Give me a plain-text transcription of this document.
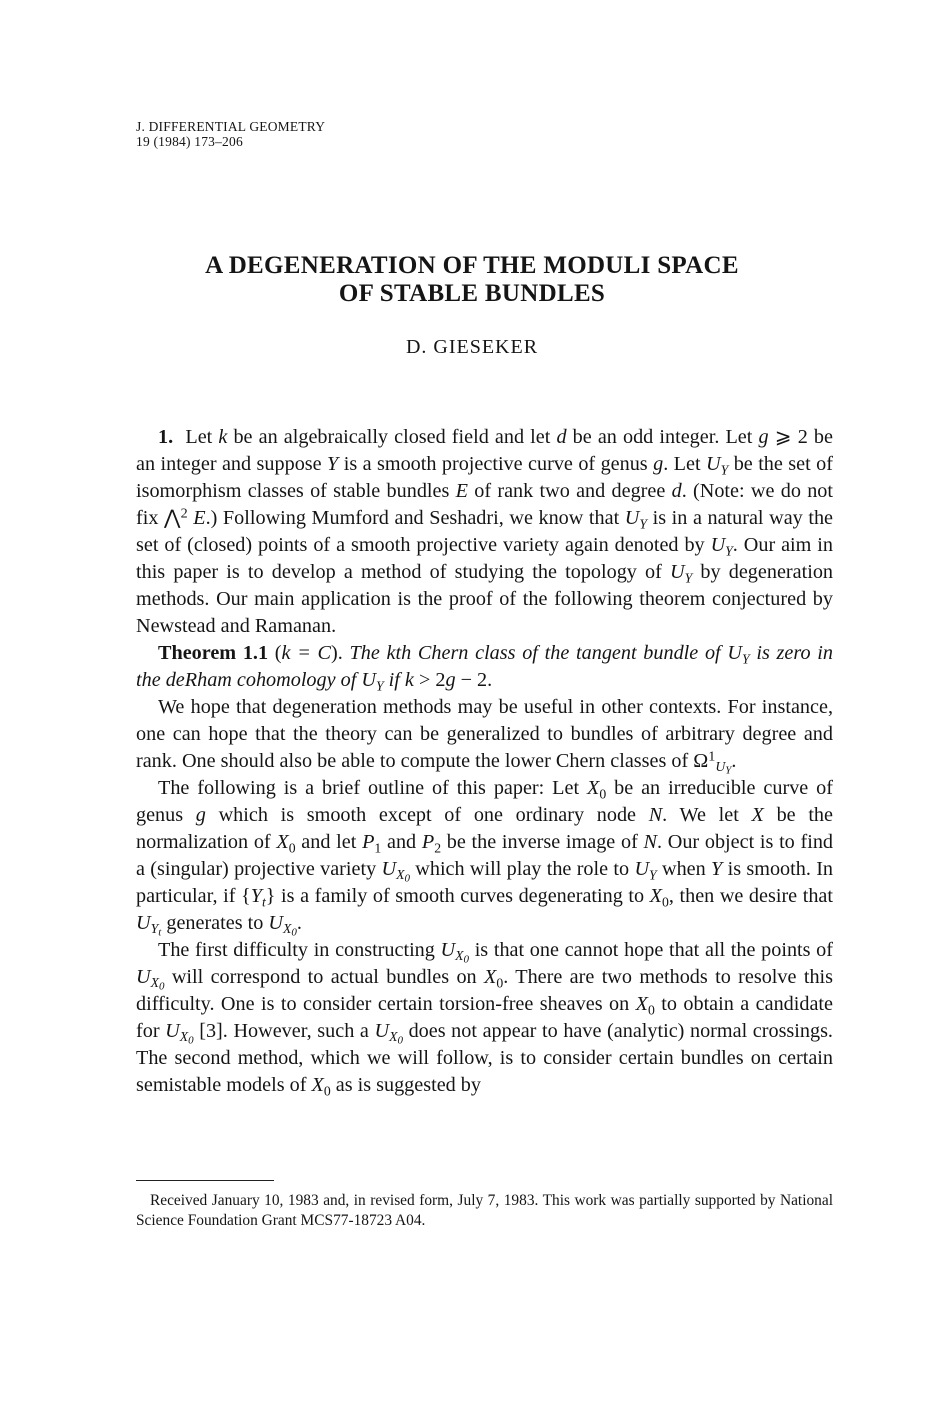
J. DIFFERENTIAL GEOMETRY
19 (1984) 173–206
A DEGENERATION OF THE MODULI SPACE
OF STABLE BUNDLES
D. GIESEKER

1.  Let k be an algebraically closed field and let d be an odd integer. Let g ⩾ 2 be an integer and suppose Y is a smooth projective curve of genus g. Let $U_Y$ be the set of isomorphism classes of stable bundles E of rank two and degree d. (Note: we do not fix ⋀$^2$ E.) Following Mumford and Seshadri, we know that $U_Y$ is in a natural way the set of (closed) points of a smooth projective variety again denoted by $U_Y$. Our aim in this paper is to develop a method of studying the topology of $U_Y$ by degeneration methods. Our main application is the proof of the following theorem conjectured by Newstead and Ramanan.

Theorem 1.1 (k = C). The kth Chern class of the tangent bundle of $U_Y$ is zero in the deRham cohomology of $U_Y$ if k > 2g − 2.

We hope that degeneration methods may be useful in other contexts. For instance, one can hope that the theory can be generalized to bundles of arbitrary degree and rank. One should also be able to compute the lower Chern classes of $\Omega^1_{UY}$.

The following is a brief outline of this paper: Let $X_0$ be an irreducible curve of genus g which is smooth except of one ordinary node N. We let X be the normalization of $X_0$ and let $P_1$ and $P_2$ be the inverse image of N. Our object is to find a (singular) projective variety $U_{X0}$ which will play the role to $U_Y$ when Y is smooth. In particular, if $\{Y_t\}$ is a family of smooth curves degenerating to $X_0$, then we desire that $U_{Yt}$ generates to $U_{X0}$.

The first difficulty in constructing $U_{X0}$ is that one cannot hope that all the points of $U_{X0}$ will correspond to actual bundles on $X_0$. There are two methods to resolve this difficulty. One is to consider certain torsion-free sheaves on $X_0$ to obtain a candidate for $U_{X0}$ [3]. However, such a $U_{X0}$ does not appear to have (analytic) normal crossings. The second method, which we will follow, is to consider certain bundles on certain semistable models of $X_0$ as is suggested by

Received January 10, 1983 and, in revised form, July 7, 1983. This work was partially supported by National Science Foundation Grant MCS77-18723 A04.
